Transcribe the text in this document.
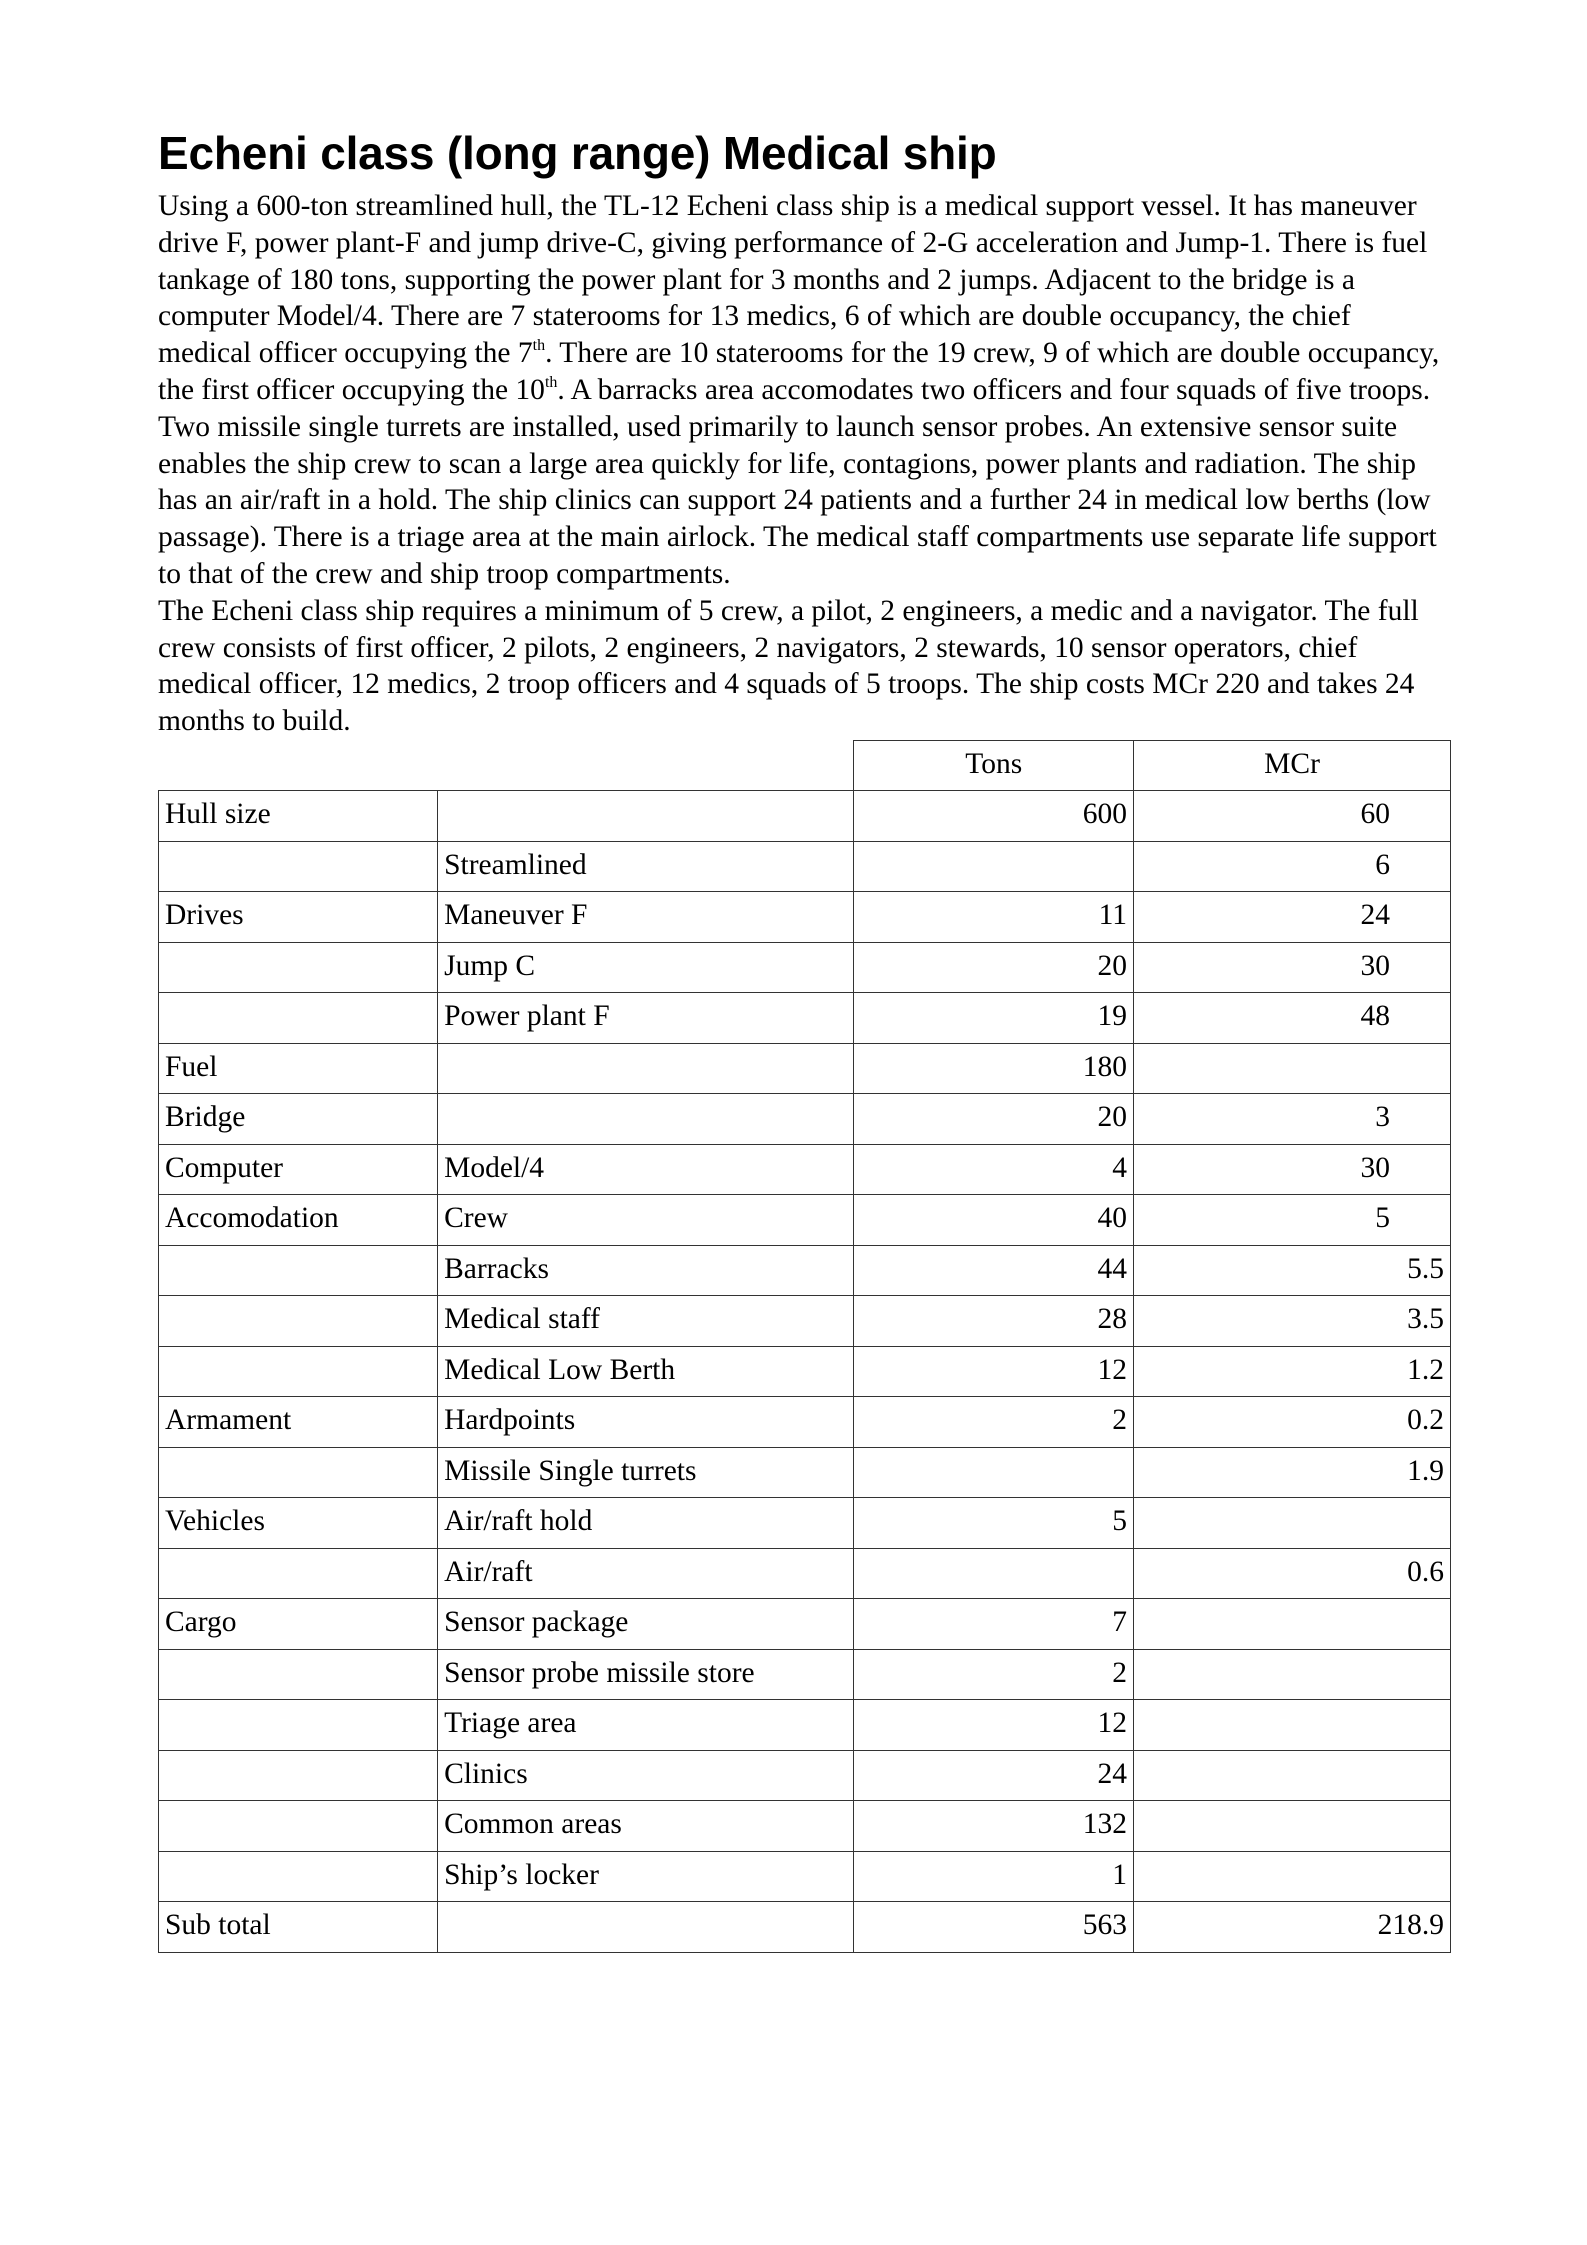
Echeni class (long range) Medical ship

Using a 600-ton streamlined hull, the TL-12 Echeni class ship is a medical support vessel. It has maneuver drive F, power plant-F and jump drive-C, giving performance of 2-G acceleration and Jump-1. There is fuel tankage of 180 tons, supporting the power plant for 3 months and 2 jumps. Adjacent to the bridge is a computer Model/4. There are 7 staterooms for 13 medics, 6 of which are double occupancy, the chief medical officer occupying the 7th. There are 10 staterooms for the 19 crew, 9 of which are double occupancy, the first officer occupying the 10th. A barracks area accomodates two officers and four squads of five troops. Two missile single turrets are installed, used primarily to launch sensor probes. An extensive sensor suite enables the ship crew to scan a large area quickly for life, contagions, power plants and radiation. The ship has an air/raft in a hold. The ship clinics can support 24 patients and a further 24 in medical low berths (low passage). There is a triage area at the main airlock. The medical staff compartments use separate life support to that of the crew and ship troop compartments.

The Echeni class ship requires a minimum of 5 crew, a pilot, 2 engineers, a medic and a navigator. The full crew consists of first officer, 2 pilots, 2 engineers, 2 navigators, 2 stewards, 10 sensor operators, chief medical officer, 12 medics, 2 troop officers and 4 squads of 5 troops. The ship costs MCr 220 and takes 24 months to build.

		Tons	MCr
Hull size		600	60
	Streamlined		6
Drives	Maneuver F	11	24
	Jump C	20	30
	Power plant F	19	48
Fuel		180	
Bridge		20	3
Computer	Model/4	4	30
Accomodation	Crew	40	5
	Barracks	44	5.5
	Medical staff	28	3.5
	Medical Low Berth	12	1.2
Armament	Hardpoints	2	0.2
	Missile Single turrets		1.9
Vehicles	Air/raft hold	5	
	Air/raft		0.6
Cargo	Sensor package	7	
	Sensor probe missile store	2	
	Triage area	12	
	Clinics	24	
	Common areas	132	
	Ship’s locker	1	
Sub total		563	218.9
